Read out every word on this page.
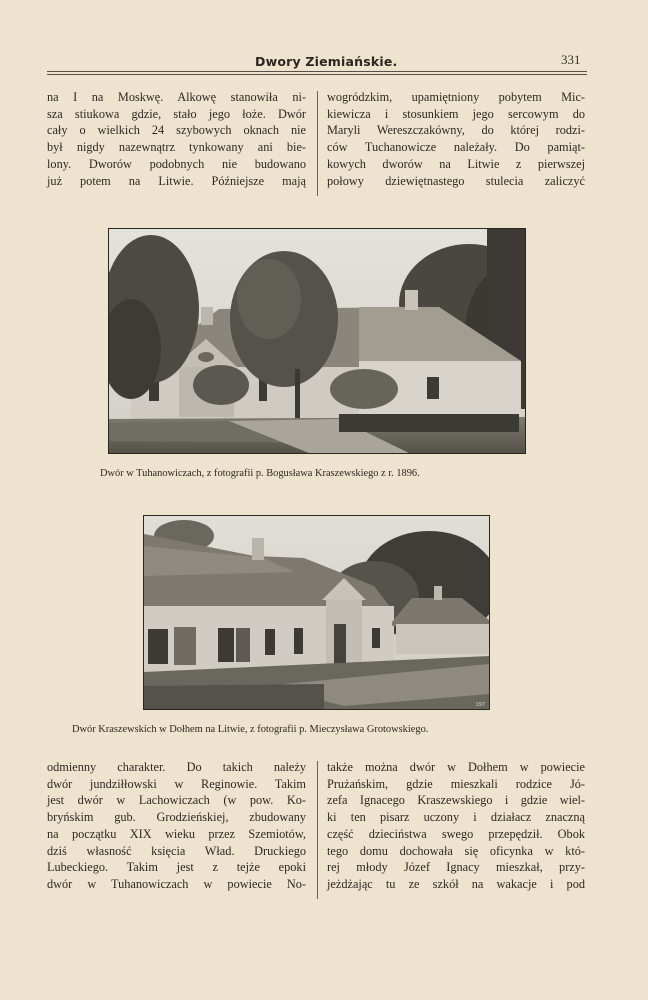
Dwory Ziemiańskie.	331
na I na Moskwę. Alkowę stanowiła ni-
sza stiukowa gdzie, stało jego łoże. Dwór
cały o wielkich 24 szybowych oknach nie
był nigdy nazewnątrz tynkowany ani bie-
lony. Dworów podobnych nie budowano
już potem na Litwie. Późniejsze mają
wogródzkim, upamiętniony pobytem Mic-
kiewicza i stosunkiem jego sercowym do
Maryli Wereszczakówny, do której rodzi-
ców Tuchanowicze należały. Do pamiąt-
kowych dworów na Litwie z pierwszej
połowy dziewiętnastego stulecia zaliczyć
Dwór w Tuhanowiczach, z fotografii p. Bogusława Kraszewskiego z r. 1896.
197
Dwór Kraszewskich w Dołhem na Litwie, z fotografii p. Mieczysława Grotowskiego.
odmienny charakter. Do takich należy
dwór jundziłłowski w Reginowie. Takim
jest dwór w Lachowiczach (w pow. Ko-
bryńskim gub. Grodzieńskiej, zbudowany
na początku XIX wieku przez Szemiotów,
dziś własność księcia Wład. Druckiego
Lubeckiego. Takim jest z tejże epoki
dwór w Tuhanowiczach w powiecie No-
także można dwór w Dołhem w powiecie
Prużańskim, gdzie mieszkali rodzice Jó-
zefa Ignacego Kraszewskiego i gdzie wiel-
ki ten pisarz uczony i działacz znaczną
część dzieciństwa swego przepędził. Obok
tego domu dochowała się oficynka w któ-
rej młody Józef Ignacy mieszkał, przy-
jeżdżając tu ze szkół na wakacje i pod
